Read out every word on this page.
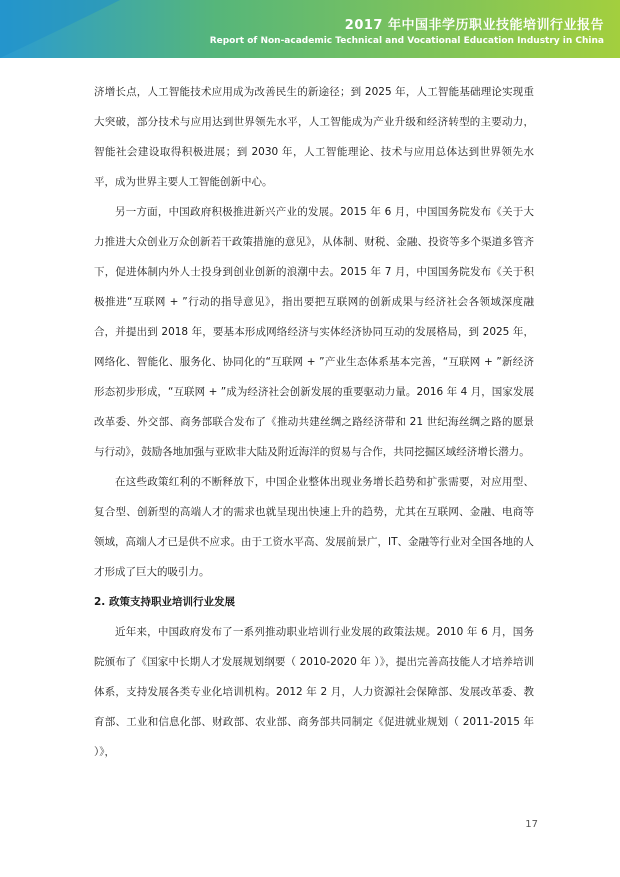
2017 年中国非学历职业技能培训行业报告
Report of Non-academic Technical and Vocational Education Industry in China

济增长点，人工智能技术应用成为改善民生的新途径；到 2025 年，人工智能基础理论实现重大突破，部分技术与应用达到世界领先水平，人工智能成为产业升级和经济转型的主要动力，智能社会建设取得积极进展；到 2030 年，人工智能理论、技术与应用总体达到世界领先水平，成为世界主要人工智能创新中心。

另一方面，中国政府积极推进新兴产业的发展。2015 年 6 月，中国国务院发布《关于大力推进大众创业万众创新若干政策措施的意见》，从体制、财税、金融、投资等多个渠道多管齐下，促进体制内外人士投身到创业创新的浪潮中去。2015 年 7 月，中国国务院发布《关于积极推进“互联网 + ”行动的指导意见》，指出要把互联网的创新成果与经济社会各领域深度融合，并提出到 2018 年，要基本形成网络经济与实体经济协同互动的发展格局，到 2025 年，网络化、智能化、服务化、协同化的“互联网 + ”产业生态体系基本完善，“互联网 + ”新经济形态初步形成，“互联网 + ”成为经济社会创新发展的重要驱动力量。2016 年 4 月，国家发展改革委、外交部、商务部联合发布了《推动共建丝绸之路经济带和 21 世纪海丝绸之路的愿景与行动》，鼓励各地加强与亚欧非大陆及附近海洋的贸易与合作，共同挖掘区域经济增长潜力。

在这些政策红利的不断释放下，中国企业整体出现业务增长趋势和扩张需要，对应用型、复合型、创新型的高端人才的需求也就呈现出快速上升的趋势，尤其在互联网、金融、电商等领域，高端人才已是供不应求。由于工资水平高、发展前景广，IT、金融等行业对全国各地的人才形成了巨大的吸引力。

2. 政策支持职业培训行业发展

近年来，中国政府发布了一系列推动职业培训行业发展的政策法规。2010 年 6 月，国务院颁布了《国家中长期人才发展规划纲要（ 2010-2020 年 ）》，提出完善高技能人才培养培训体系，支持发展各类专业化培训机构。2012 年 2 月，人力资源社会保障部、发展改革委、教育部、工业和信息化部、财政部、农业部、商务部共同制定《促进就业规划（ 2011-2015 年 ）》，

17
